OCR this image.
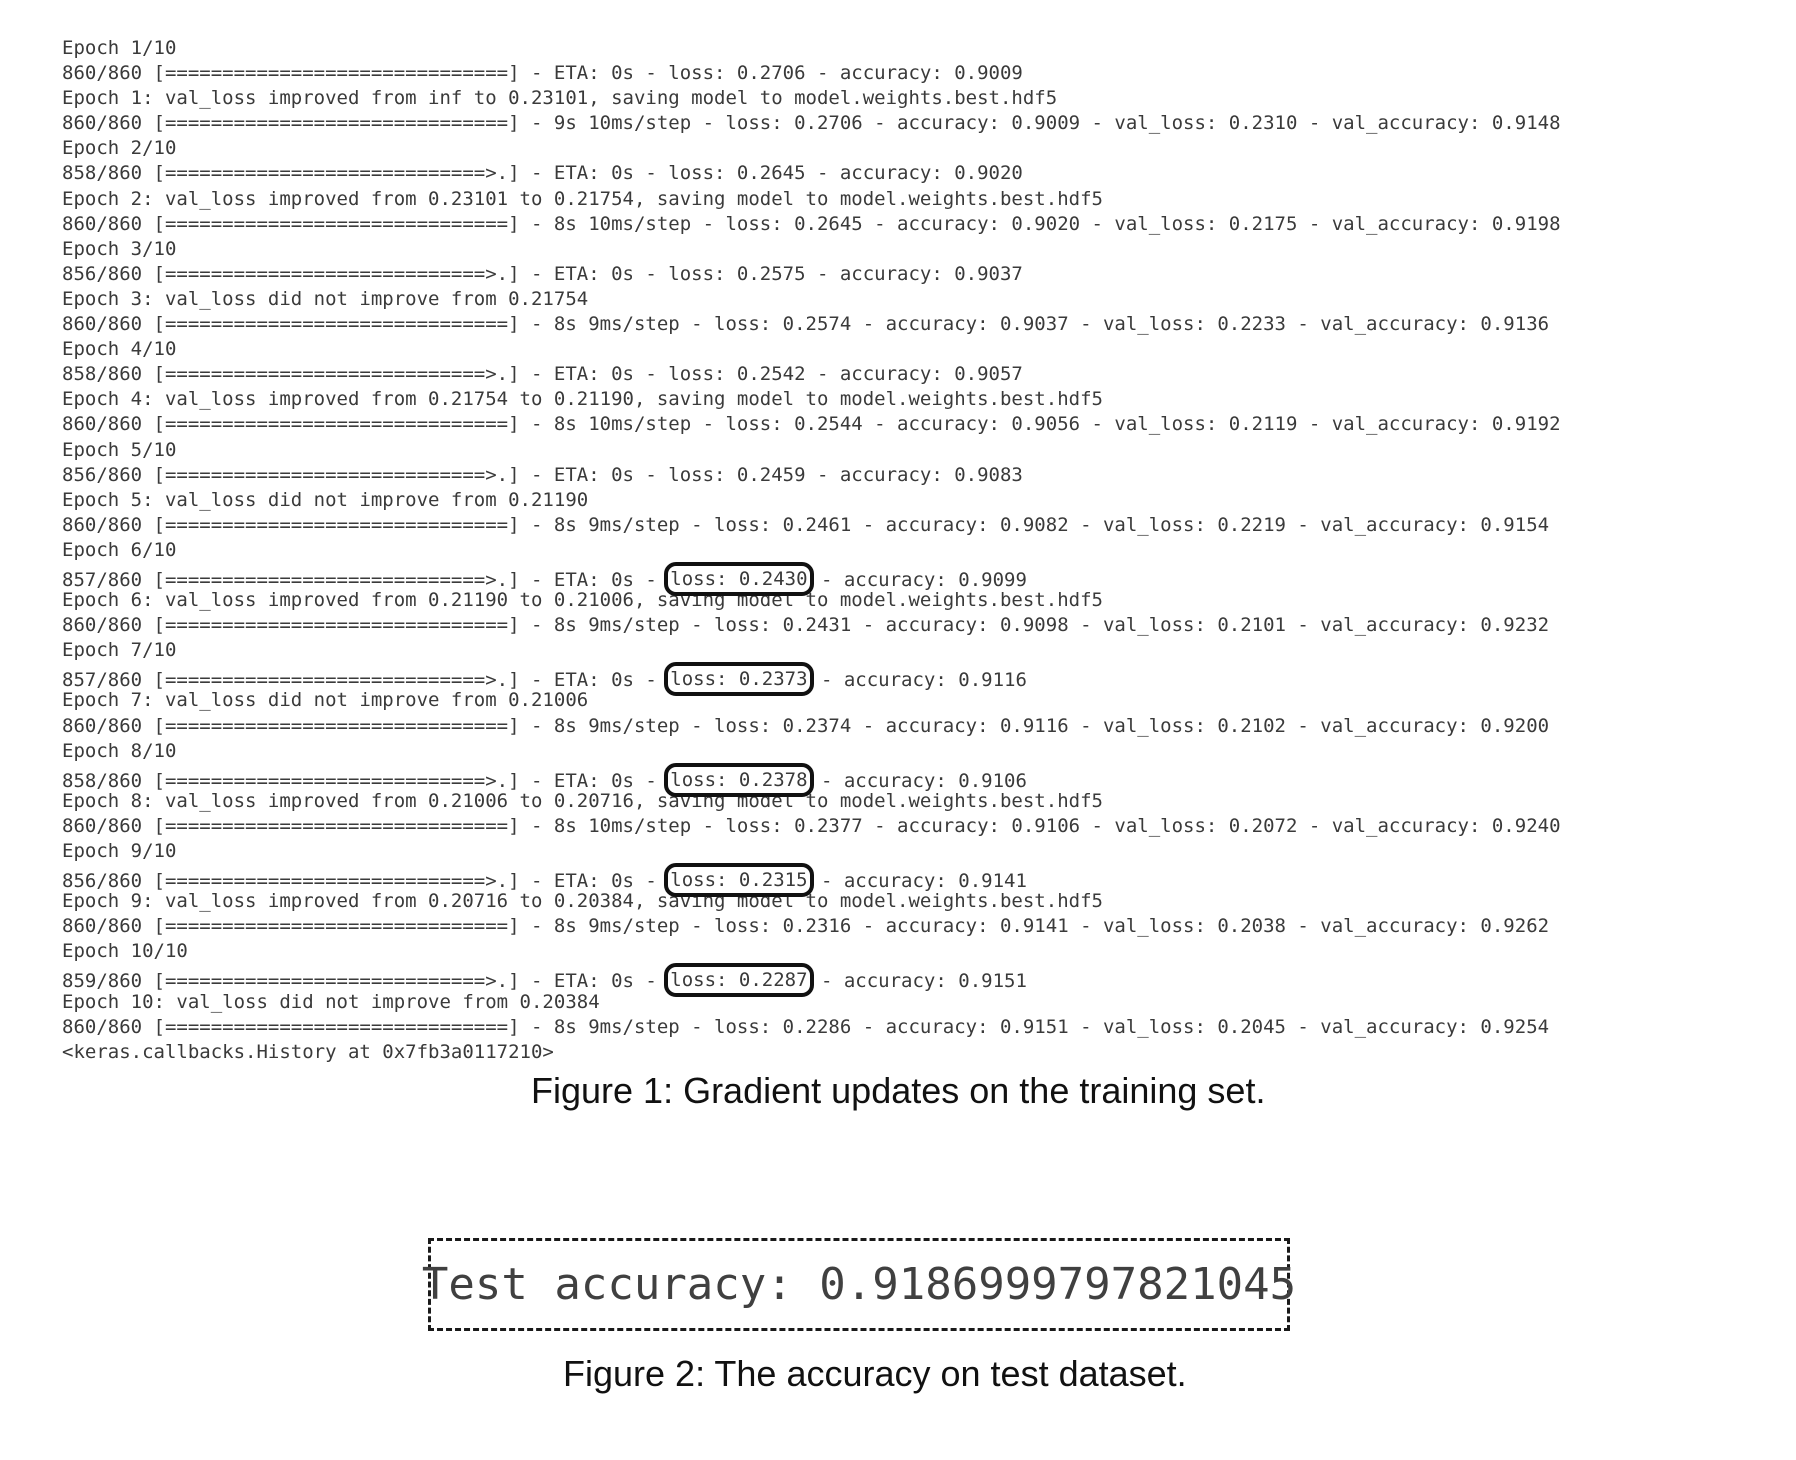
Epoch 1/10
860/860 [==============================] - ETA: 0s - loss: 0.2706 - accuracy: 0.9009
Epoch 1: val_loss improved from inf to 0.23101, saving model to model.weights.best.hdf5
860/860 [==============================] - 9s 10ms/step - loss: 0.2706 - accuracy: 0.9009 - val_loss: 0.2310 - val_accuracy: 0.9148
Epoch 2/10
858/860 [============================>.] - ETA: 0s - loss: 0.2645 - accuracy: 0.9020
Epoch 2: val_loss improved from 0.23101 to 0.21754, saving model to model.weights.best.hdf5
860/860 [==============================] - 8s 10ms/step - loss: 0.2645 - accuracy: 0.9020 - val_loss: 0.2175 - val_accuracy: 0.9198
Epoch 3/10
856/860 [============================>.] - ETA: 0s - loss: 0.2575 - accuracy: 0.9037
Epoch 3: val_loss did not improve from 0.21754
860/860 [==============================] - 8s 9ms/step - loss: 0.2574 - accuracy: 0.9037 - val_loss: 0.2233 - val_accuracy: 0.9136
Epoch 4/10
858/860 [============================>.] - ETA: 0s - loss: 0.2542 - accuracy: 0.9057
Epoch 4: val_loss improved from 0.21754 to 0.21190, saving model to model.weights.best.hdf5
860/860 [==============================] - 8s 10ms/step - loss: 0.2544 - accuracy: 0.9056 - val_loss: 0.2119 - val_accuracy: 0.9192
Epoch 5/10
856/860 [============================>.] - ETA: 0s - loss: 0.2459 - accuracy: 0.9083
Epoch 5: val_loss did not improve from 0.21190
860/860 [==============================] - 8s 9ms/step - loss: 0.2461 - accuracy: 0.9082 - val_loss: 0.2219 - val_accuracy: 0.9154
Epoch 6/10
857/860 [============================>.] - ETA: 0s - loss: 0.2430 - accuracy: 0.9099
Epoch 6: val_loss improved from 0.21190 to 0.21006, saving model to model.weights.best.hdf5
860/860 [==============================] - 8s 9ms/step - loss: 0.2431 - accuracy: 0.9098 - val_loss: 0.2101 - val_accuracy: 0.9232
Epoch 7/10
857/860 [============================>.] - ETA: 0s - loss: 0.2373 - accuracy: 0.9116
Epoch 7: val_loss did not improve from 0.21006
860/860 [==============================] - 8s 9ms/step - loss: 0.2374 - accuracy: 0.9116 - val_loss: 0.2102 - val_accuracy: 0.9200
Epoch 8/10
858/860 [============================>.] - ETA: 0s - loss: 0.2378 - accuracy: 0.9106
Epoch 8: val_loss improved from 0.21006 to 0.20716, saving model to model.weights.best.hdf5
860/860 [==============================] - 8s 10ms/step - loss: 0.2377 - accuracy: 0.9106 - val_loss: 0.2072 - val_accuracy: 0.9240
Epoch 9/10
856/860 [============================>.] - ETA: 0s - loss: 0.2315 - accuracy: 0.9141
Epoch 9: val_loss improved from 0.20716 to 0.20384, saving model to model.weights.best.hdf5
860/860 [==============================] - 8s 9ms/step - loss: 0.2316 - accuracy: 0.9141 - val_loss: 0.2038 - val_accuracy: 0.9262
Epoch 10/10
859/860 [============================>.] - ETA: 0s - loss: 0.2287 - accuracy: 0.9151
Epoch 10: val_loss did not improve from 0.20384
860/860 [==============================] - 8s 9ms/step - loss: 0.2286 - accuracy: 0.9151 - val_loss: 0.2045 - val_accuracy: 0.9254
<keras.callbacks.History at 0x7fb3a0117210>
Figure 1: Gradient updates on the training set.
Test accuracy: 0.9186999797821045
Figure 2: The accuracy on test dataset.
